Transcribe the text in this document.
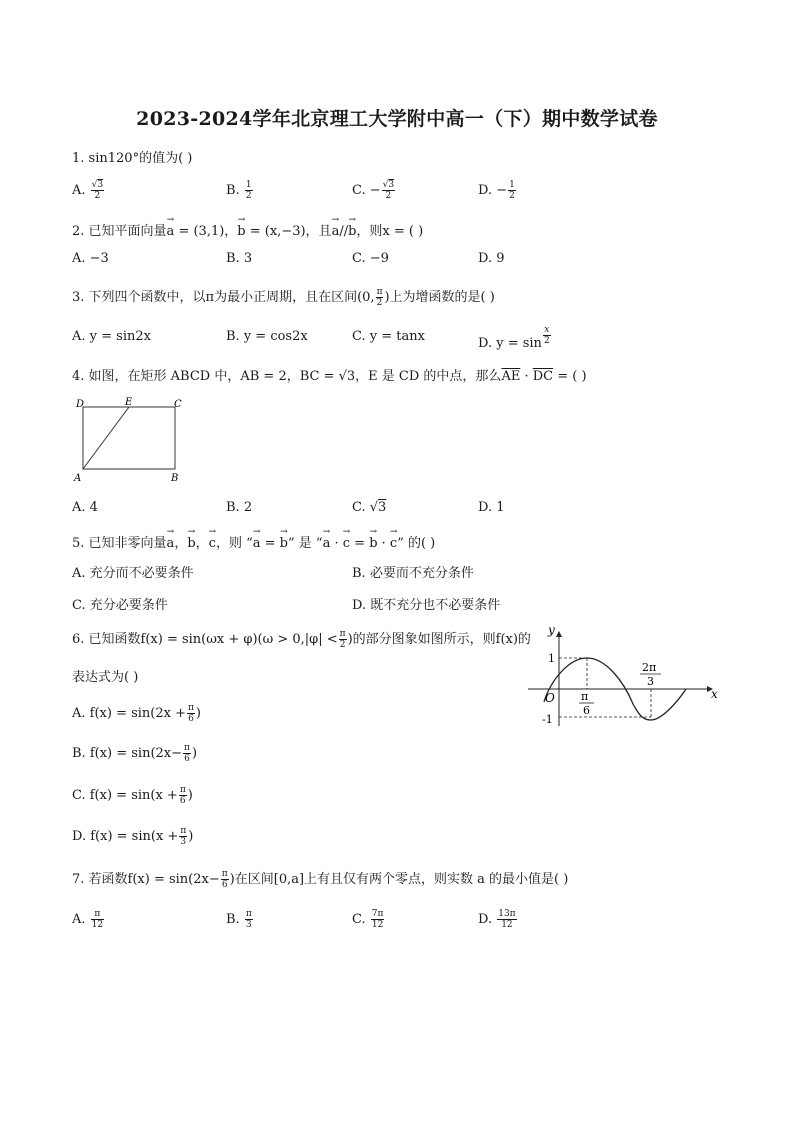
2023-2024学年北京理工大学附中高一（下）期中数学试卷
1. sin120°的值为( )
A. $\frac{√3}{2}$	B. $\frac{1}{2}$	C. − $\frac{√3}{2}$	D. − $\frac{1}{2}$
2. 已知平面向量→ a = (3,1)，→ b = (x,−3)，且→ a//→ b，则x = ( )
A. −3	B. 3	C. −9	D. 9
3. 下列四个函数中，以π为最小正周期，且在区间(0, $\frac{\pi}{2}$ )上为增函数的是( )
A. y = sin2x	B. y = cos2x	C. y = tanx	D. $y = \sin \frac{x}{2}$
4. 如图，在矩形 ABCD 中，AB = 2，BC = √3，E 是 CD 的中点，那么$\overline{AE} \cdot \overline{DC}$ = ( )
D	E	C
A	B
A. 4	B. 2	C. √3	D. 1
5. 已知非零向量→ a，→ b，→ c，则 “→ a = → b” 是 “→ a · → c = → b · → c” 的( )
A. 充分而不必要条件	B. 必要而不充分条件
C. 充分必要条件	D. 既不充分也不必要条件
6. 已知函数$f(x) = \sin(\omega x + \varphi)(\omega > 0,|\varphi| < \frac{\pi}{2}$ )的部分图象如图所示，则f(x)的
表达式为( )
y
x
O
1
-1
π
6
2π
3
A. $f(x) = \sin(2x + \frac{\pi}{6}$ )
B. $f(x) = \sin(2x- \frac{\pi}{6}$ )
C. $f(x) = \sin(x + \frac{\pi}{6}$ )
D. $f(x) = \sin(x + \frac{\pi}{3}$ )
7. 若函数$f(x) = \sin(2x- \frac{\pi}{6}$ )在区间[0,a]上有且仅有两个零点，则实数 a 的最小值是( )
A. $\frac{\pi}{12}$	B. $\frac{\pi}{3}$	C. $\frac{7\pi}{12}$	D. $\frac{13\pi}{12}$
